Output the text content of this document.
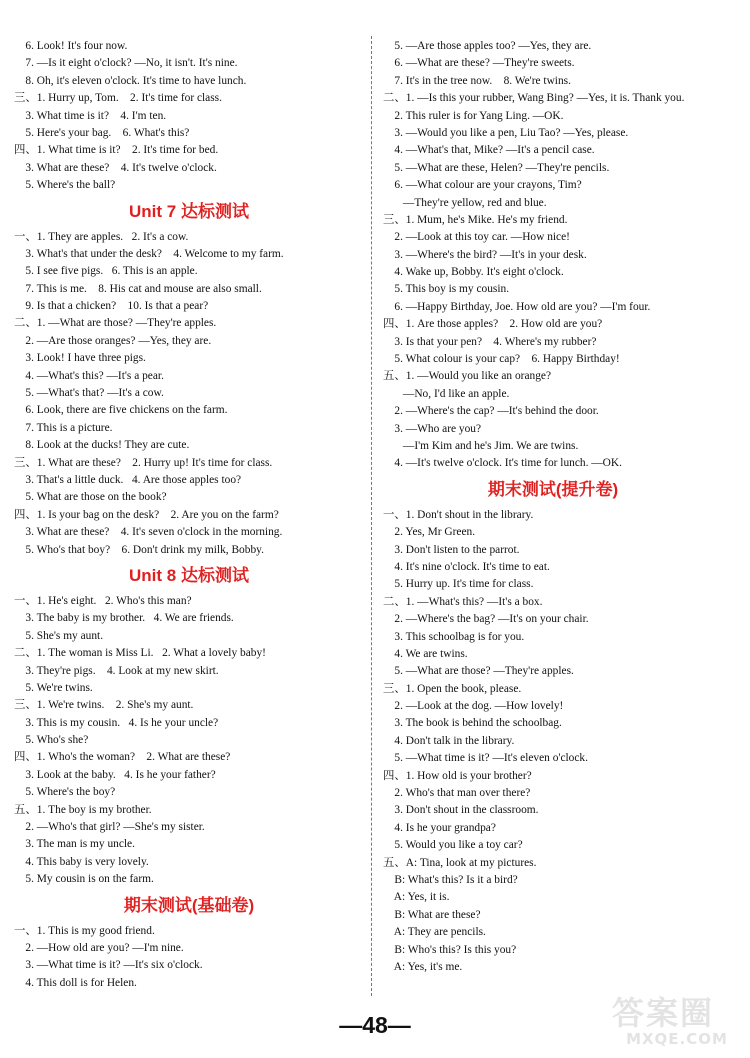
6. Look! It's four now.
7. —Is it eight o'clock? —No, it isn't. It's nine.
8. Oh, it's eleven o'clock. It's time to have lunch.
三、1. Hurry up, Tom.    2. It's time for class.
3. What time is it?    4. I'm ten.
5. Here's your bag.    6. What's this?
四、1. What time is it?    2. It's time for bed.
3. What are these?    4. It's twelve o'clock.
5. Where's the ball?
Unit 7 达标测试
一、1. They are apples.   2. It's a cow.
3. What's that under the desk?    4. Welcome to my farm.
5. I see five pigs.   6. This is an apple.
7. This is me.    8. His cat and mouse are also small.
9. Is that a chicken?    10. Is that a pear?
二、1. —What are those? —They're apples.
2. —Are those oranges? —Yes, they are.
3. Look! I have three pigs.
4. —What's this? —It's a pear.
5. —What's that? —It's a cow.
6. Look, there are five chickens on the farm.
7. This is a picture.
8. Look at the ducks! They are cute.
三、1. What are these?    2. Hurry up! It's time for class.
3. That's a little duck.   4. Are those apples too?
5. What are those on the book?
四、1. Is your bag on the desk?    2. Are you on the farm?
3. What are these?    4. It's seven o'clock in the morning.
5. Who's that boy?    6. Don't drink my milk, Bobby.
Unit 8 达标测试
一、1. He's eight.   2. Who's this man?
3. The baby is my brother.   4. We are friends.
5. She's my aunt.
二、1. The woman is Miss Li.   2. What a lovely baby!
3. They're pigs.    4. Look at my new skirt.
5. We're twins.
三、1. We're twins.    2. She's my aunt.
3. This is my cousin.   4. Is he your uncle?
5. Who's she?
四、1. Who's the woman?    2. What are these?
3. Look at the baby.   4. Is he your father?
5. Where's the boy?
五、1. The boy is my brother.
2. —Who's that girl? —She's my sister.
3. The man is my uncle.
4. This baby is very lovely.
5. My cousin is on the farm.
期末测试(基础卷)
一、1. This is my good friend.
2. —How old are you? —I'm nine.
3. —What time is it? —It's six o'clock.
4. This doll is for Helen.
5. —Are those apples too? —Yes, they are.
6. —What are these? —They're sweets.
7. It's in the tree now.    8. We're twins.
二、1. —Is this your rubber, Wang Bing? —Yes, it is. Thank you.
2. This ruler is for Yang Ling. —OK.
3. —Would you like a pen, Liu Tao? —Yes, please.
4. —What's that, Mike? —It's a pencil case.
5. —What are these, Helen? —They're pencils.
6. —What colour are your crayons, Tim?
—They're yellow, red and blue.
三、1. Mum, he's Mike. He's my friend.
2. —Look at this toy car. —How nice!
3. —Where's the bird? —It's in your desk.
4. Wake up, Bobby. It's eight o'clock.
5. This boy is my cousin.
6. —Happy Birthday, Joe. How old are you? —I'm four.
四、1. Are those apples?    2. How old are you?
3. Is that your pen?    4. Where's my rubber?
5. What colour is your cap?    6. Happy Birthday!
五、1. —Would you like an orange?
—No, I'd like an apple.
2. —Where's the cap? —It's behind the door.
3. —Who are you?
—I'm Kim and he's Jim. We are twins.
4. —It's twelve o'clock. It's time for lunch. —OK.
期末测试(提升卷)
一、1. Don't shout in the library.
2. Yes, Mr Green.
3. Don't listen to the parrot.
4. It's nine o'clock. It's time to eat.
5. Hurry up. It's time for class.
二、1. —What's this? —It's a box.
2. —Where's the bag? —It's on your chair.
3. This schoolbag is for you.
4. We are twins.
5. —What are those? —They're apples.
三、1. Open the book, please.
2. —Look at the dog. —How lovely!
3. The book is behind the schoolbag.
4. Don't talk in the library.
5. —What time is it? —It's eleven o'clock.
四、1. How old is your brother?
2. Who's that man over there?
3. Don't shout in the classroom.
4. Is he your grandpa?
5. Would you like a toy car?
五、A: Tina, look at my pictures.
B: What's this? Is it a bird?
A: Yes, it is.
B: What are these?
A: They are pencils.
B: Who's this? Is this you?
A: Yes, it's me.
—48—	答案圈
MXQE.COM
